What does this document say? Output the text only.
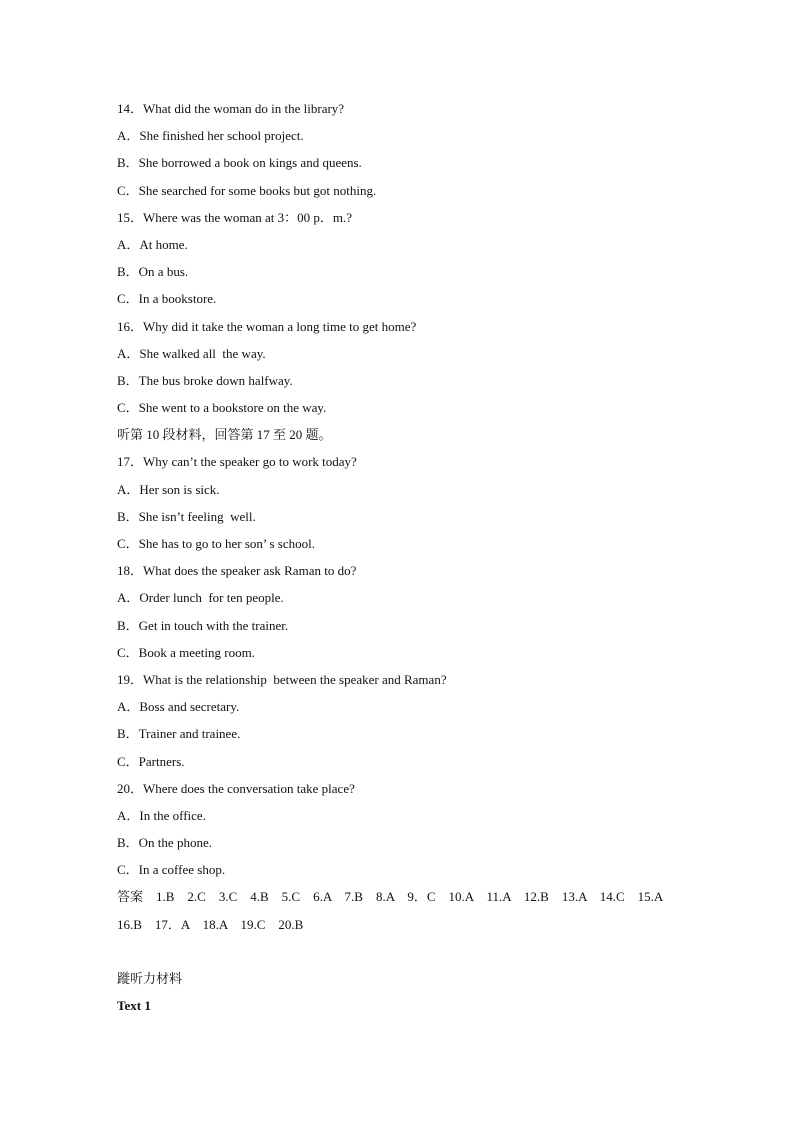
14．What did the woman do in the library?
A．She finished her school project.
B．She borrowed a book on kings and queens.
C．She searched for some books but got nothing.
15．Where was the woman at 3：00 p．m.?
A．At home.
B．On a bus.
C．In a bookstore.
16．Why did it take the woman a long time to get home?
A．She walked all  the way.
B．The bus broke down halfway.
C．She went to a bookstore on the way.
听第 10 段材料，回答第 17 至 20 题。
17．Why can’t the speaker go to work today?
A．Her son is sick.
B．She isn’t feeling  well.
C．She has to go to her son’ s school.
18．What does the speaker ask Raman to do?
A．Order lunch  for ten people.
B．Get in touch with the trainer.
C．Book a meeting room.
19．What is the relationship  between the speaker and Raman?
A．Boss and secretary.
B．Trainer and trainee.
C．Partners.
20．Where does the conversation take place?
A．In the office.
B．On the phone.
C．In a coffee shop.
答案　1.B　2.C　3.C　4.B　5.C　6.A　7.B　8.A　9．C　10.A　11.A　12.B　13.A　14.C　15.A　16.B　17．A　18.A　19.C　20.B
蹝听力材料
Text 1
